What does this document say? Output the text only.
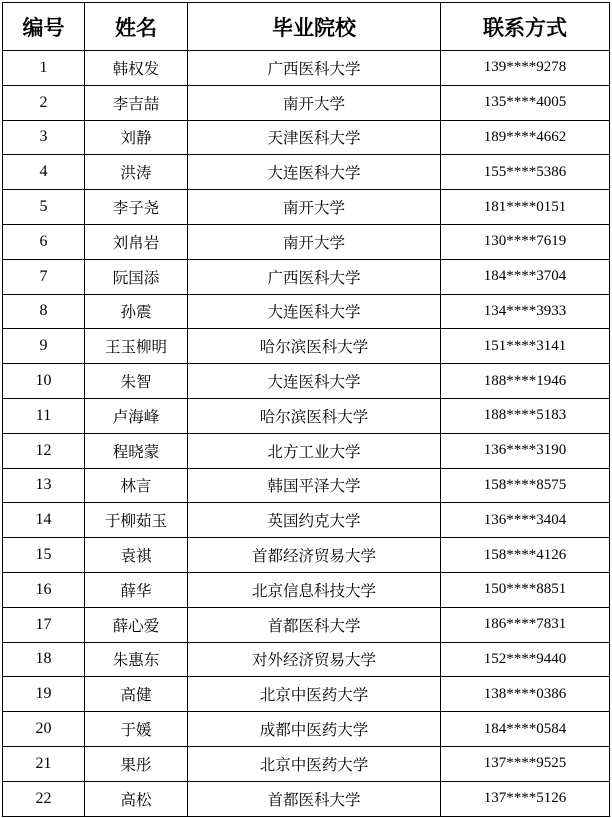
编号	姓名	毕业院校	联系方式
1	韩权发	广西医科大学	139****9278
2	李吉喆	南开大学	135****4005
3	刘静	天津医科大学	189****4662
4	洪涛	大连医科大学	155****5386
5	李子尧	南开大学	181****0151
6	刘帛岩	南开大学	130****7619
7	阮国添	广西医科大学	184****3704
8	孙震	大连医科大学	134****3933
9	王玉柳明	哈尔滨医科大学	151****3141
10	朱智	大连医科大学	188****1946
11	卢海峰	哈尔滨医科大学	188****5183
12	程晓蒙	北方工业大学	136****3190
13	林言	韩国平泽大学	158****8575
14	于柳茹玉	英国约克大学	136****3404
15	袁祺	首都经济贸易大学	158****4126
16	薛华	北京信息科技大学	150****8851
17	薛心爱	首都医科大学	186****7831
18	朱惠东	对外经济贸易大学	152****9440
19	高健	北京中医药大学	138****0386
20	于媛	成都中医药大学	184****0584
21	果彤	北京中医药大学	137****9525
22	高松	首都医科大学	137****5126
